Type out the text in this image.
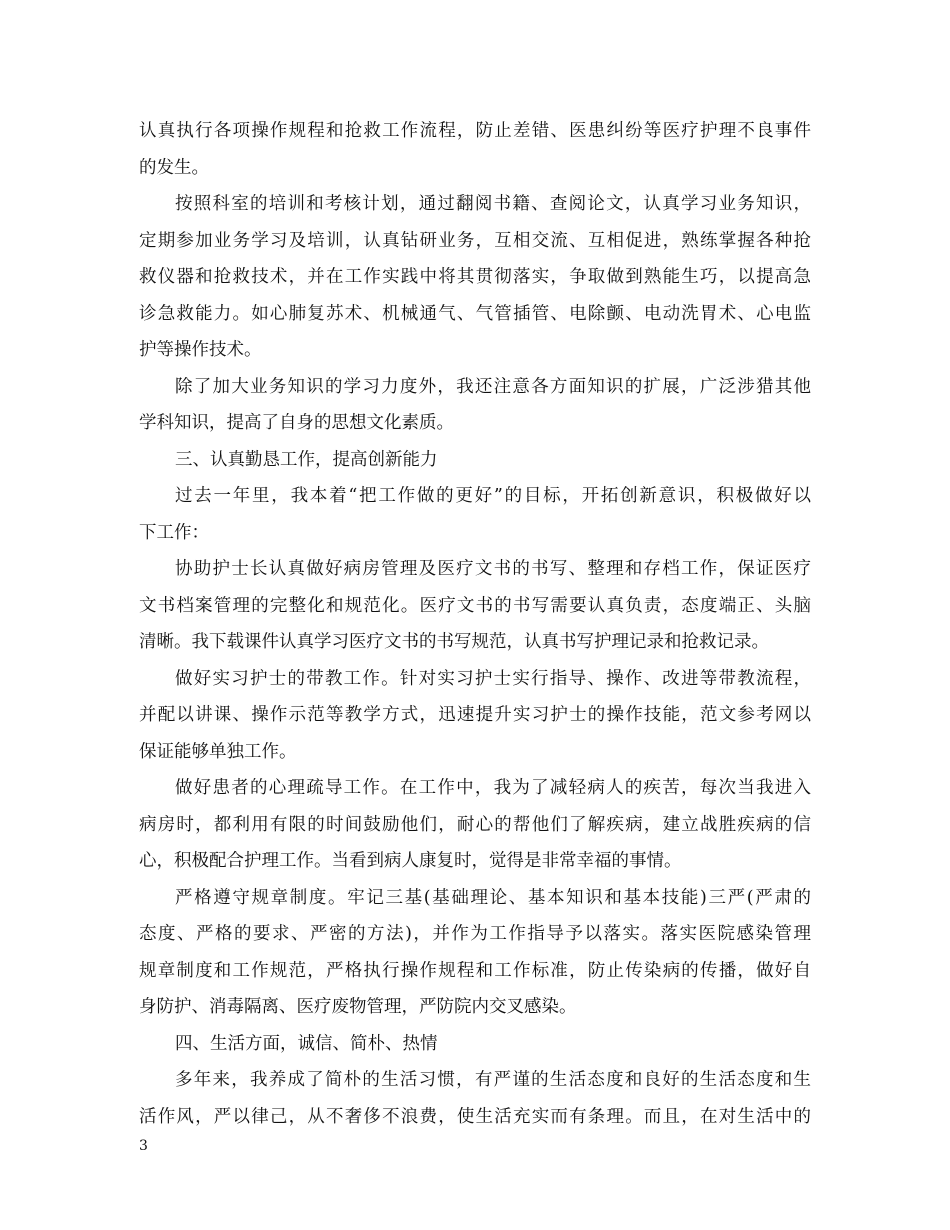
认真执行各项操作规程和抢救工作流程，防止差错、医患纠纷等医疗护理不良事件
的发生。
按照科室的培训和考核计划，通过翻阅书籍、查阅论文，认真学习业务知识，
定期参加业务学习及培训，认真钻研业务，互相交流、互相促进，熟练掌握各种抢
救仪器和抢救技术，并在工作实践中将其贯彻落实，争取做到熟能生巧，以提高急
诊急救能力。如心肺复苏术、机械通气、气管插管、电除颤、电动洗胃术、心电监
护等操作技术。
除了加大业务知识的学习力度外，我还注意各方面知识的扩展，广泛涉猎其他
学科知识，提高了自身的思想文化素质。
三、认真勤恳工作，提高创新能力
过去一年里，我本着“把工作做的更好”的目标，开拓创新意识，积极做好以
下工作：
协助护士长认真做好病房管理及医疗文书的书写、整理和存档工作，保证医疗
文书档案管理的完整化和规范化。医疗文书的书写需要认真负责，态度端正、头脑
清晰。我下载课件认真学习医疗文书的书写规范，认真书写护理记录和抢救记录。
做好实习护士的带教工作。针对实习护士实行指导、操作、改进等带教流程，
并配以讲课、操作示范等教学方式，迅速提升实习护士的操作技能，范文参考网以
保证能够单独工作。
做好患者的心理疏导工作。在工作中，我为了减轻病人的疾苦，每次当我进入
病房时，都利用有限的时间鼓励他们，耐心的帮他们了解疾病，建立战胜疾病的信
心，积极配合护理工作。当看到病人康复时，觉得是非常幸福的事情。
严格遵守规章制度。牢记三基(基础理论、基本知识和基本技能)三严(严肃的
态度、严格的要求、严密的方法)，并作为工作指导予以落实。落实医院感染管理
规章制度和工作规范，严格执行操作规程和工作标准，防止传染病的传播，做好自
身防护、消毒隔离、医疗废物管理，严防院内交叉感染。
四、生活方面，诚信、简朴、热情
多年来，我养成了简朴的生活习惯，有严谨的生活态度和良好的生活态度和生
活作风，严以律己，从不奢侈不浪费，使生活充实而有条理。而且，在对生活中的
3
